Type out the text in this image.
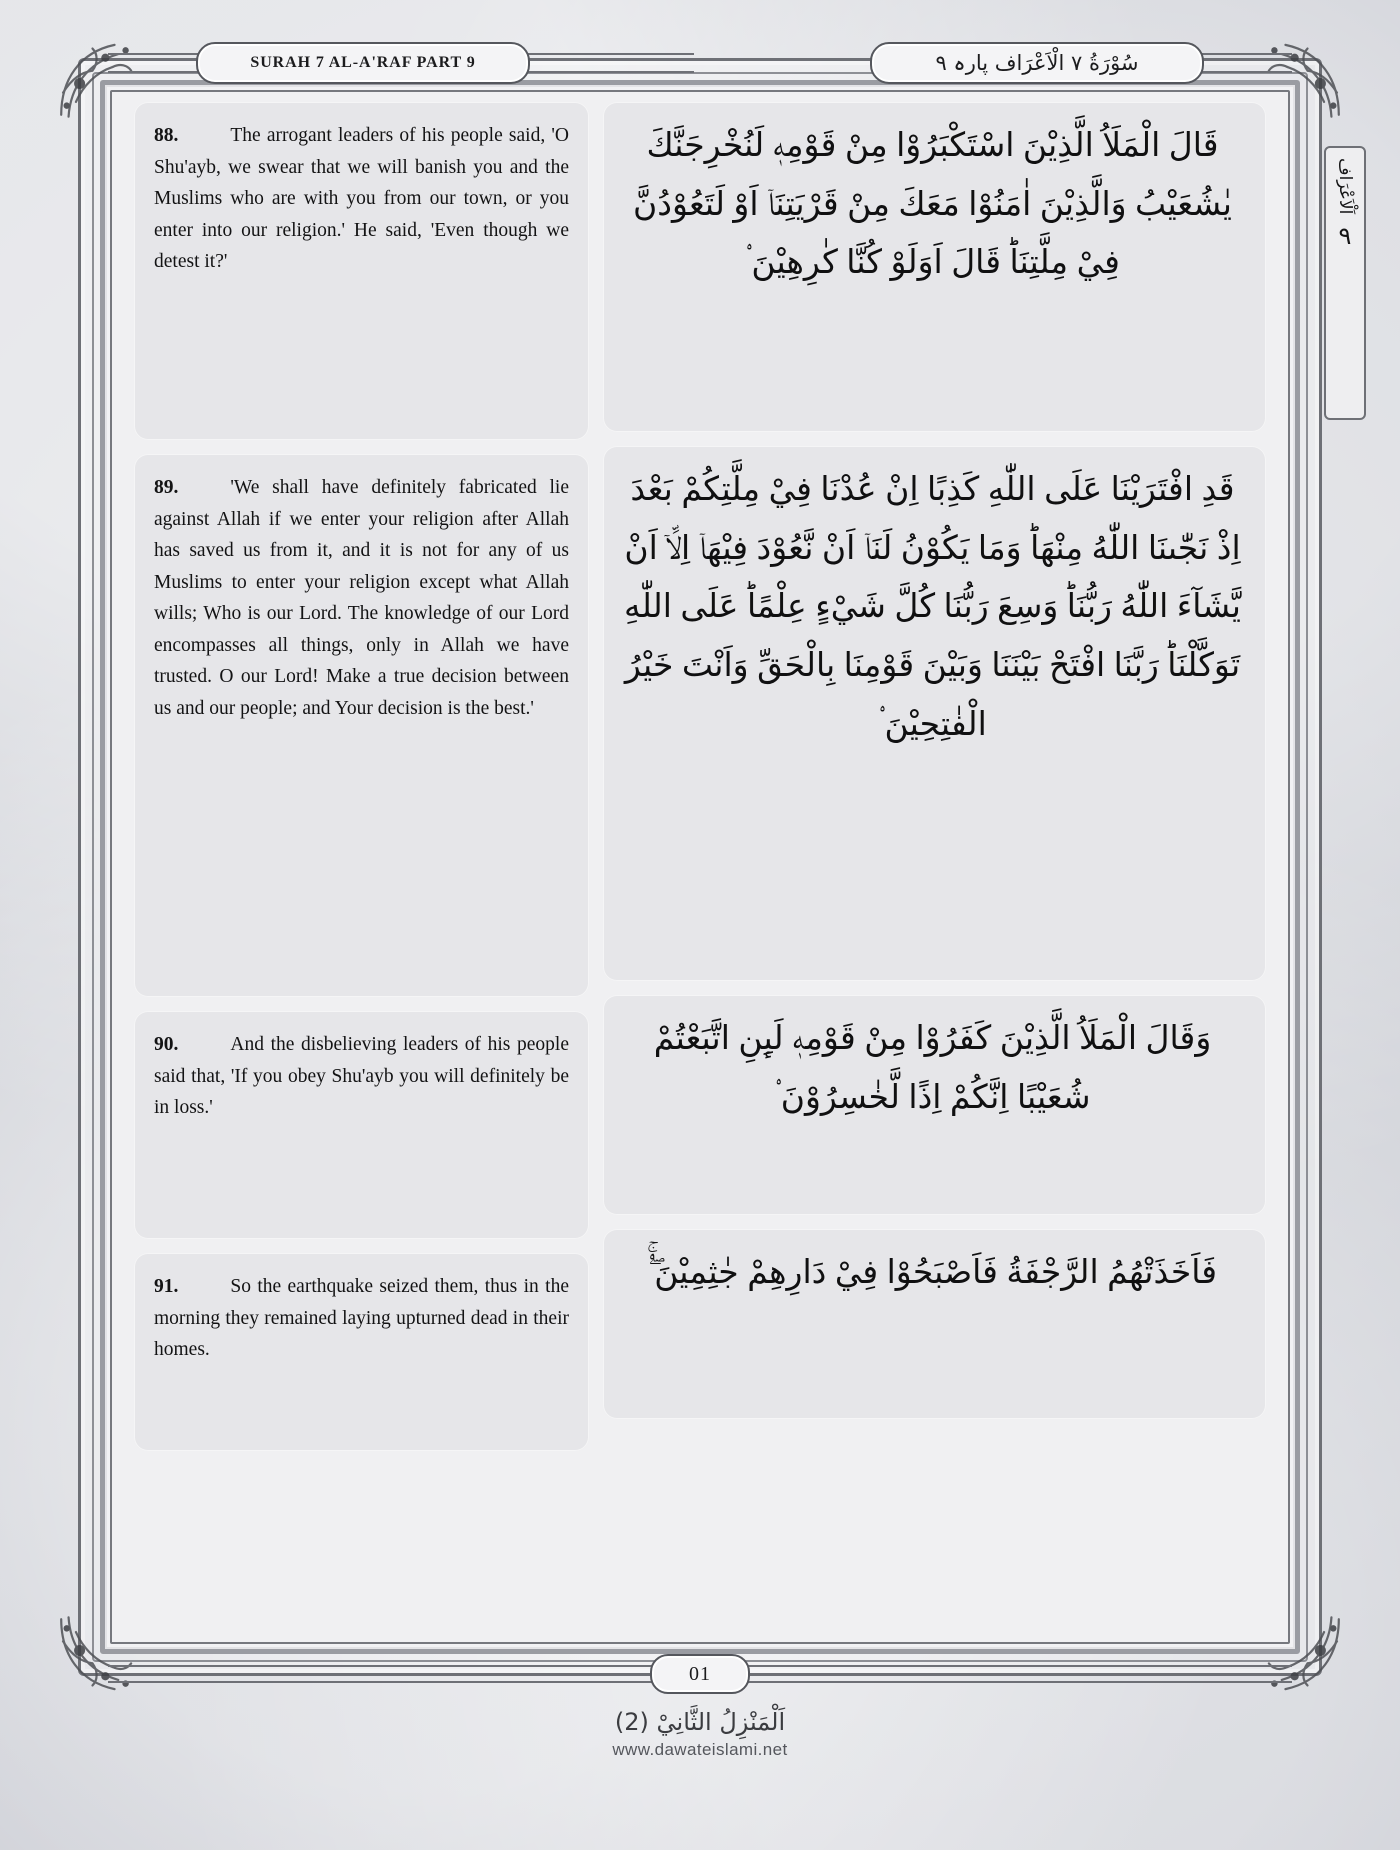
SURAH 7 AL-A'RAF PART 9	سُوْرَةُ ٧ الْاَعْرَاف پارہ ٩
اَلْاَعْرَاف
٩
88.	The arrogant leaders of his people said, 'O Shu'ayb, we swear that we will banish you and the Muslims who are with you from our town, or you enter into our religion.' He said, 'Even though we detest it?'
89.	'We shall have definitely fabricated lie against Allah if we enter your religion after Allah has saved us from it, and it is not for any of us Muslims to enter your religion except what Allah wills; Who is our Lord. The knowledge of our Lord encompasses all things, only in Allah we have trusted. O our Lord! Make a true decision between us and our people; and Your decision is the best.'
90.	And the disbelieving leaders of his people said that, 'If you obey Shu'ayb you will definitely be in loss.'
91.	So the earthquake seized them, thus in the morning they remained laying upturned dead in their homes.
قَالَ الْمَلَاُ الَّذِيْنَ اسْتَكْبَرُوْا مِنْ قَوْمِهٖ لَنُخْرِجَنَّكَ يٰشُعَيْبُ وَالَّذِيْنَ اٰمَنُوْا مَعَكَ مِنْ قَرْيَتِنَاۤ اَوْ لَتَعُوْدُنَّ فِيْ مِلَّتِنَاؕ قَالَ اَوَلَوْ كُنَّا كٰرِهِيْنَ ۟
قَدِ افْتَرَيْنَا عَلَى اللّٰهِ كَذِبًا اِنْ عُدْنَا فِيْ مِلَّتِكُمْ بَعْدَ اِذْ نَجّٰىنَا اللّٰهُ مِنْهَاؕ وَمَا يَكُوْنُ لَنَاۤ اَنْ نَّعُوْدَ فِيْهَاۤ اِلَّاۤ اَنْ يَّشَآءَ اللّٰهُ رَبُّنَاؕ وَسِعَ رَبُّنَا كُلَّ شَيْءٍ عِلْمًاؕ عَلَى اللّٰهِ تَوَكَّلْنَاؕ رَبَّنَا افْتَحْ بَيْنَنَا وَبَيْنَ قَوْمِنَا بِالْحَقِّ وَاَنْتَ خَيْرُ الْفٰتِحِيْنَ ۟
وَقَالَ الْمَلَاُ الَّذِيْنَ كَفَرُوْا مِنْ قَوْمِهٖ لَىِٕنِ اتَّبَعْتُمْ شُعَيْبًا اِنَّكُمْ اِذًا لَّخٰسِرُوْنَ ۟
فَاَخَذَتْهُمُ الرَّجْفَةُ فَاَصْبَحُوْا فِيْ دَارِهِمْ جٰثِمِيْنَ ۟ۚۖ
01
اَلْمَنْزِلُ الثَّانِيْ (2)
www.dawateislami.net
